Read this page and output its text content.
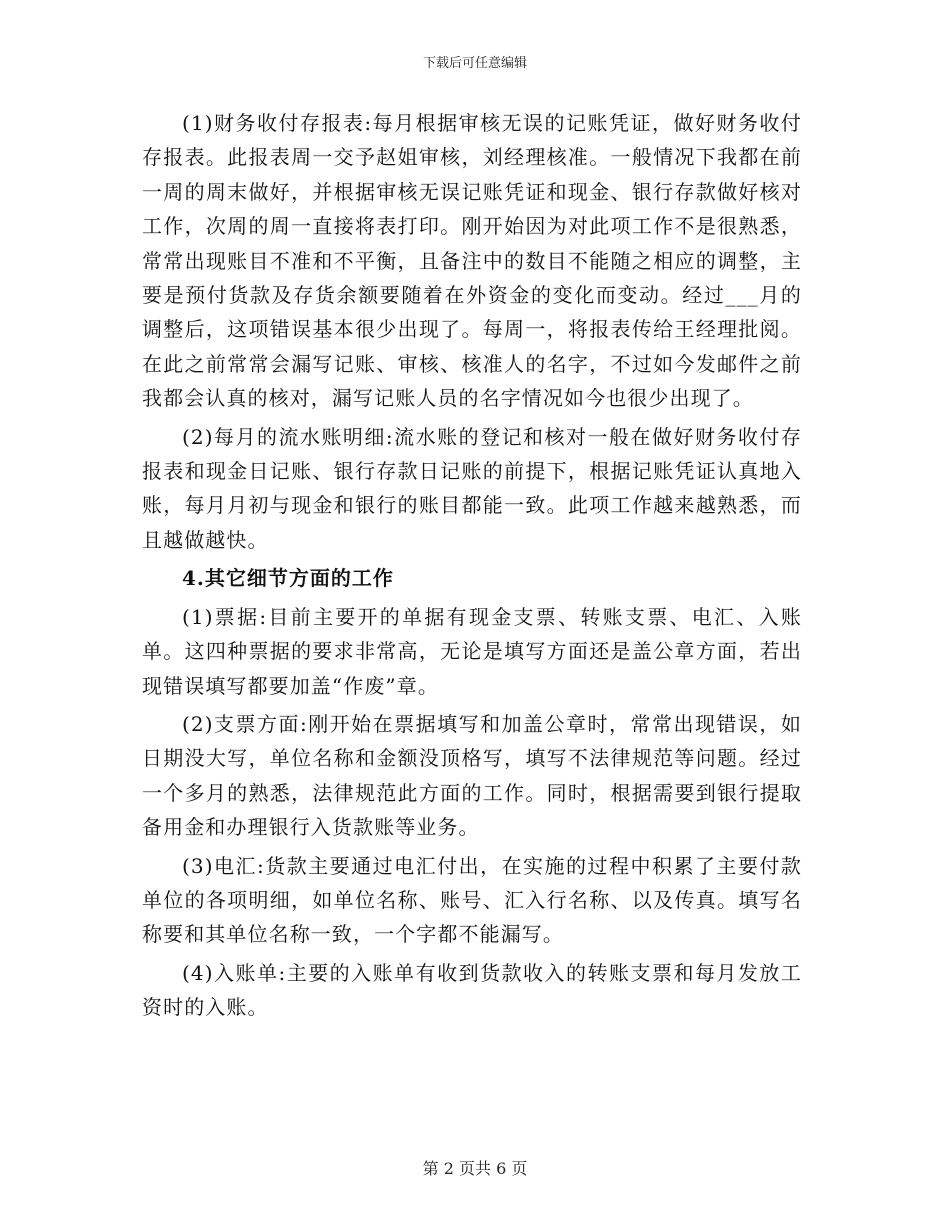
下载后可任意编辑

(1)财务收付存报表:每月根据审核无误的记账凭证，做好财务收付存报表。此报表周一交予赵姐审核，刘经理核准。一般情况下我都在前一周的周末做好，并根据审核无误记账凭证和现金、银行存款做好核对工作，次周的周一直接将表打印。刚开始因为对此项工作不是很熟悉，常常出现账目不准和不平衡，且备注中的数目不能随之相应的调整，主要是预付货款及存货余额要随着在外资金的变化而变动。经过___月的调整后，这项错误基本很少出现了。每周一，将报表传给王经理批阅。在此之前常常会漏写记账、审核、核准人的名字，不过如今发邮件之前我都会认真的核对，漏写记账人员的名字情况如今也很少出现了。

(2)每月的流水账明细:流水账的登记和核对一般在做好财务收付存报表和现金日记账、银行存款日记账的前提下，根据记账凭证认真地入账，每月月初与现金和银行的账目都能一致。此项工作越来越熟悉，而且越做越快。

4.其它细节方面的工作

(1)票据:目前主要开的单据有现金支票、转账支票、电汇、入账单。这四种票据的要求非常高，无论是填写方面还是盖公章方面，若出现错误填写都要加盖“作废”章。

(2)支票方面:刚开始在票据填写和加盖公章时，常常出现错误，如日期没大写，单位名称和金额没顶格写，填写不法律规范等问题。经过一个多月的熟悉，法律规范此方面的工作。同时，根据需要到银行提取备用金和办理银行入货款账等业务。

(3)电汇:货款主要通过电汇付出，在实施的过程中积累了主要付款单位的各项明细，如单位名称、账号、汇入行名称、以及传真。填写名称要和其单位名称一致，一个字都不能漏写。

(4)入账单:主要的入账单有收到货款收入的转账支票和每月发放工资时的入账。

第 2 页共 6 页
